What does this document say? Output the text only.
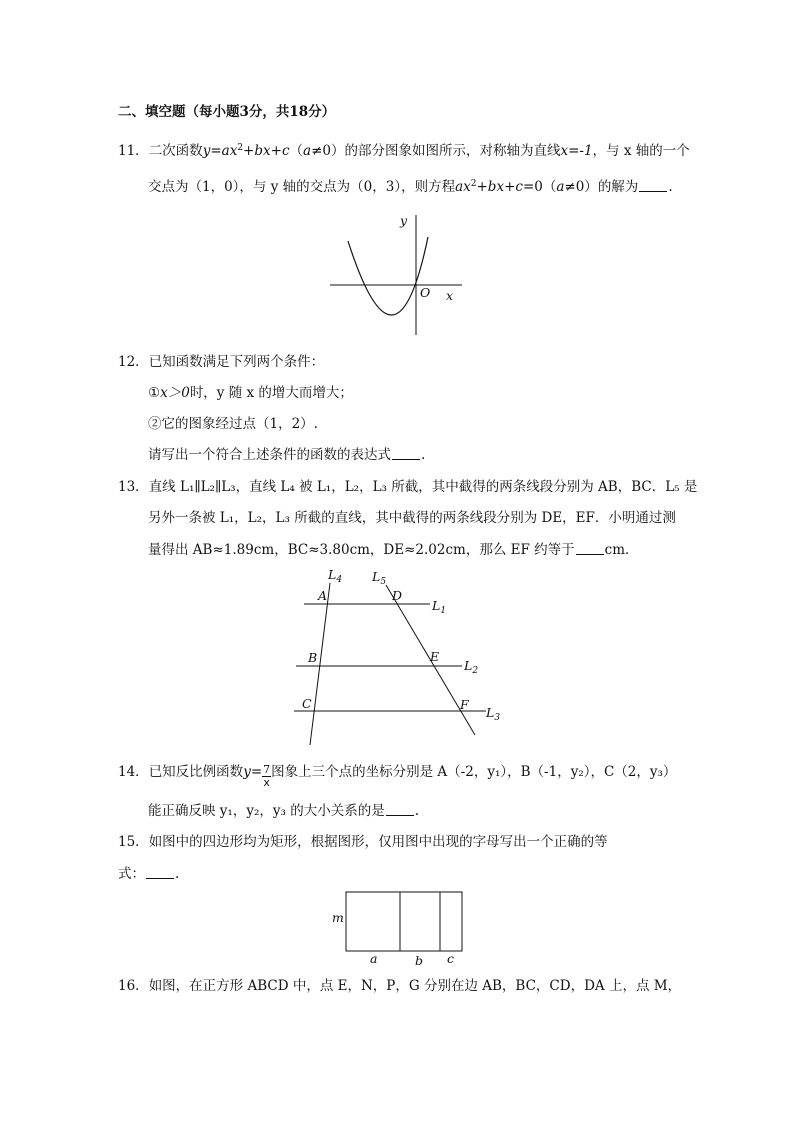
二、填空题（每小题3分，共18分）
11．二次函数$y=ax^2+bx+c(a\ne 0)$的部分图象如图所示，对称轴为直线x=-1，与 x 轴的一个
交点为（1，0），与 y 轴的交点为（0，3），则方程$ax^2+bx+c=0(a\ne 0)$的解为 .
y
x
O
12．已知函数满足下列两个条件：
①x＞0时，y 随 x 的增大而增大；
②它的图象经过点（1，2）.
请写出一个符合上述条件的函数的表达式 .
13．直线 L₁∥L₂∥L₃，直线 L₄ 被 L₁，L₂，L₃ 所截，其中截得的两条线段分别为 AB，BC．L₅ 是
另外一条被 L₁，L₂，L₃ 所截的直线，其中截得的两条线段分别为 DE，EF．小明通过测
量得出 AB≈1.89cm，BC≈3.80cm，DE≈2.02cm，那么 EF 约等于 cm．
$L_4$ $L_5$
$L_1$
$L_2$
$L_3$
A
B
C
D
E
F
14．已知反比例函数$y= \frac{7}{x}$ 图象上三个点的坐标分别是 A（-2，y₁），B（-1，y₂），C（2，y₃）
能正确反映 y₁，y₂，y₃ 的大小关系的是 .
15．如图中的四边形均为矩形，根据图形，仅用图中出现的字母写出一个正确的等
式： .
m
a	b c
16．如图，在正方形 ABCD 中，点 E，N，P，G 分别在边 AB，BC，CD，DA 上，点 M，
